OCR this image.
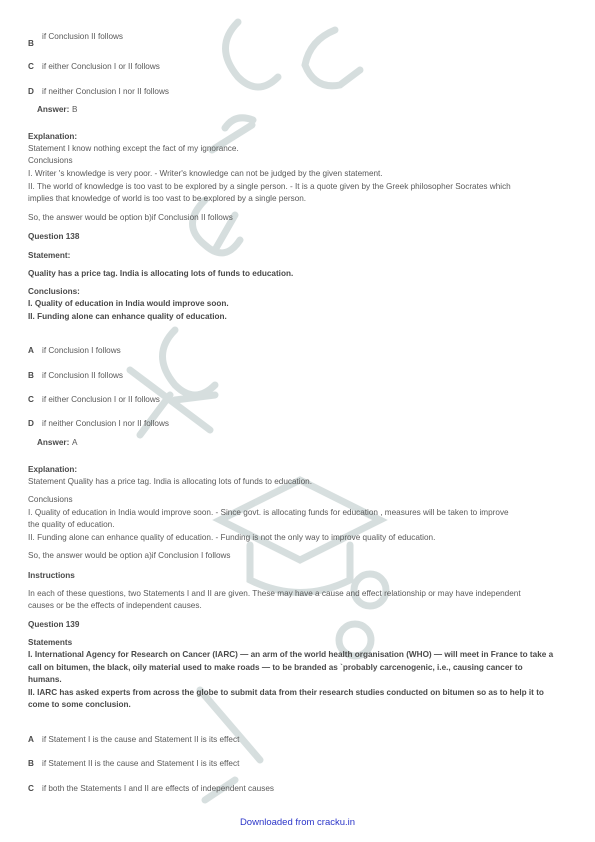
B
if Conclusion II follows
C if either Conclusion I or II follows
D if neither Conclusion I nor II follows
Answer: B
Explanation:
Statement I know nothing except the fact of my ignorance.
Conclusions
I. Writer 's knowledge is very poor. - Writer's knowledge can not be judged by the given statement.
II. The world of knowledge is too vast to be explored by a single person. - It is a quote given by the Greek philosopher Socrates which
implies that knowledge of world is too vast to be explored by a single person.
So, the answer would be option b)if Conclusion II follows
Question 138
Statement:
Quality has a price tag. India is allocating lots of funds to education.
Conclusions:
I. Quality of education in India would improve soon.
II. Funding alone can enhance quality of education.
A if Conclusion I follows
B if Conclusion II follows
C if either Conclusion I or II follows
D if neither Conclusion I nor II follows
Answer: A
Explanation:
Statement Quality has a price tag. India is allocating lots of funds to education.
Conclusions
I. Quality of education in India would improve soon. - Since govt. is allocating funds for education , measures will be taken to improve
the quality of education.
II. Funding alone can enhance quality of education. - Funding is not the only way to improve quality of education.
So, the answer would be option a)if Conclusion I follows
Instructions
In each of these questions, two Statements I and II are given. These may have a cause and effect relationship or may have independent
causes or be the effects of independent causes.
Question 139
Statements
I. International Agency for Research on Cancer (IARC) — an arm of the world health organisation (WHO) — will meet in France to take a
call on bitumen, the black, oily material used to make roads — to be branded as `probably carcenogenic, i.e., causing cancer to
humans.
II. IARC has asked experts from across the globe to submit data from their research studies conducted on bitumen so as to help it to
come to some conclusion.
A if Statement I is the cause and Statement II is its effect
B if Statement II is the cause and Statement I is its effect
C if both the Statements I and II are effects of independent causes
Downloaded from cracku.in
